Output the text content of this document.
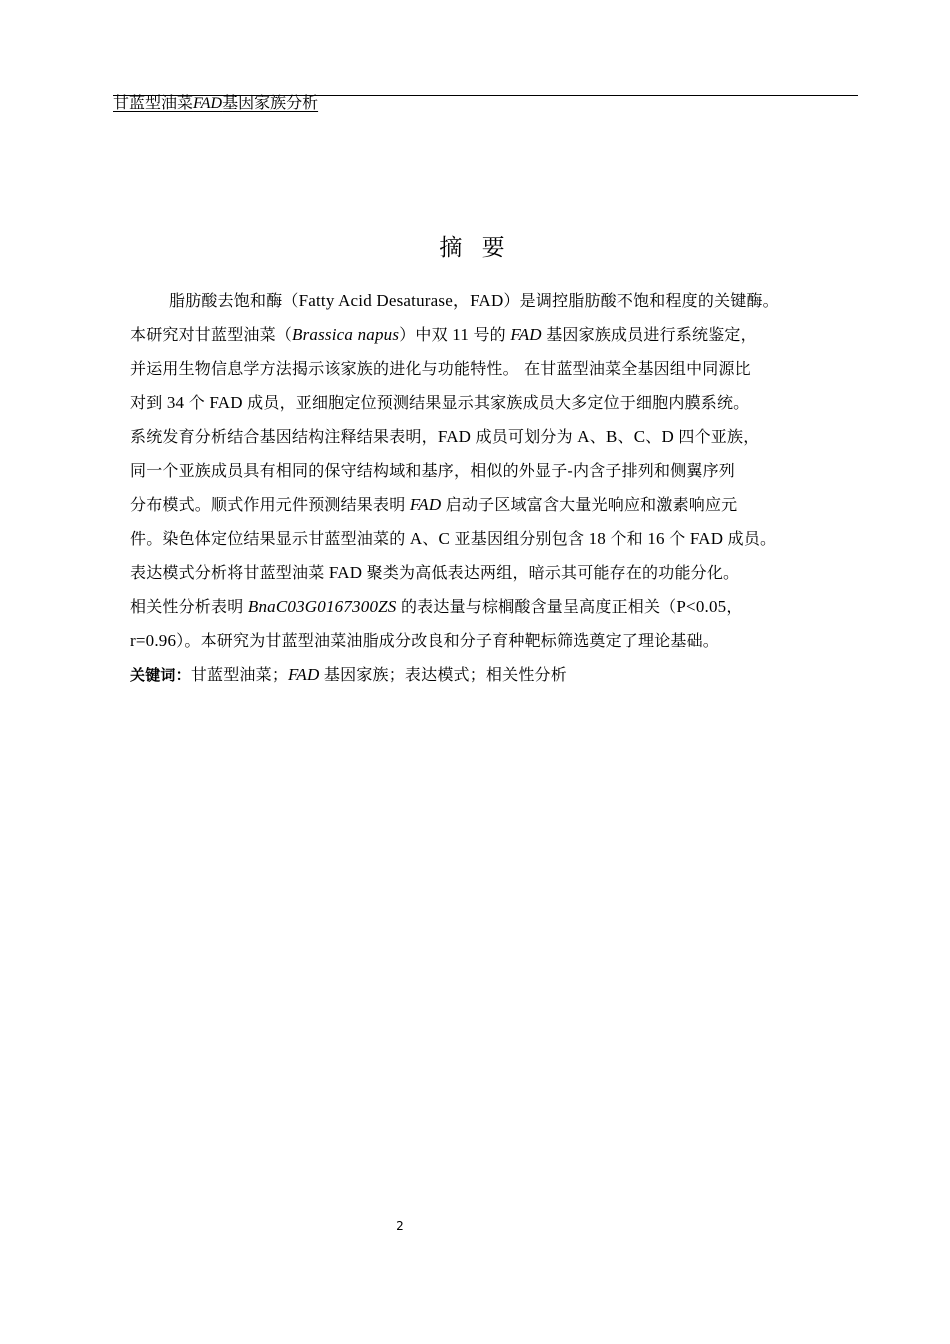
甘蓝型油菜FAD基因家族分析
摘 要
脂肪酸去饱和酶（Fatty Acid Desaturase，FAD）是调控脂肪酸不饱和程度的关键酶。
本研究对甘蓝型油菜（Brassica napus）中双 11 号的 FAD 基因家族成员进行系统鉴定，
并运用生物信息学方法揭示该家族的进化与功能特性。 在甘蓝型油菜全基因组中同源比
对到 34 个 FAD 成员，亚细胞定位预测结果显示其家族成员大多定位于细胞内膜系统。
系统发育分析结合基因结构注释结果表明，FAD 成员可划分为 A、B、C、D 四个亚族，
同一个亚族成员具有相同的保守结构域和基序，相似的外显子-内含子排列和侧翼序列
分布模式。顺式作用元件预测结果表明 FAD 启动子区域富含大量光响应和激素响应元
件。染色体定位结果显示甘蓝型油菜的 A、C 亚基因组分别包含 18 个和 16 个 FAD 成员。
表达模式分析将甘蓝型油菜 FAD 聚类为高低表达两组，暗示其可能存在的功能分化。
相关性分析表明 BnaC03G0167300ZS 的表达量与棕榈酸含量呈高度正相关（P<0.05，
r=0.96）。本研究为甘蓝型油菜油脂成分改良和分子育种靶标筛选奠定了理论基础。
关键词：甘蓝型油菜；FAD 基因家族；表达模式；相关性分析
2
